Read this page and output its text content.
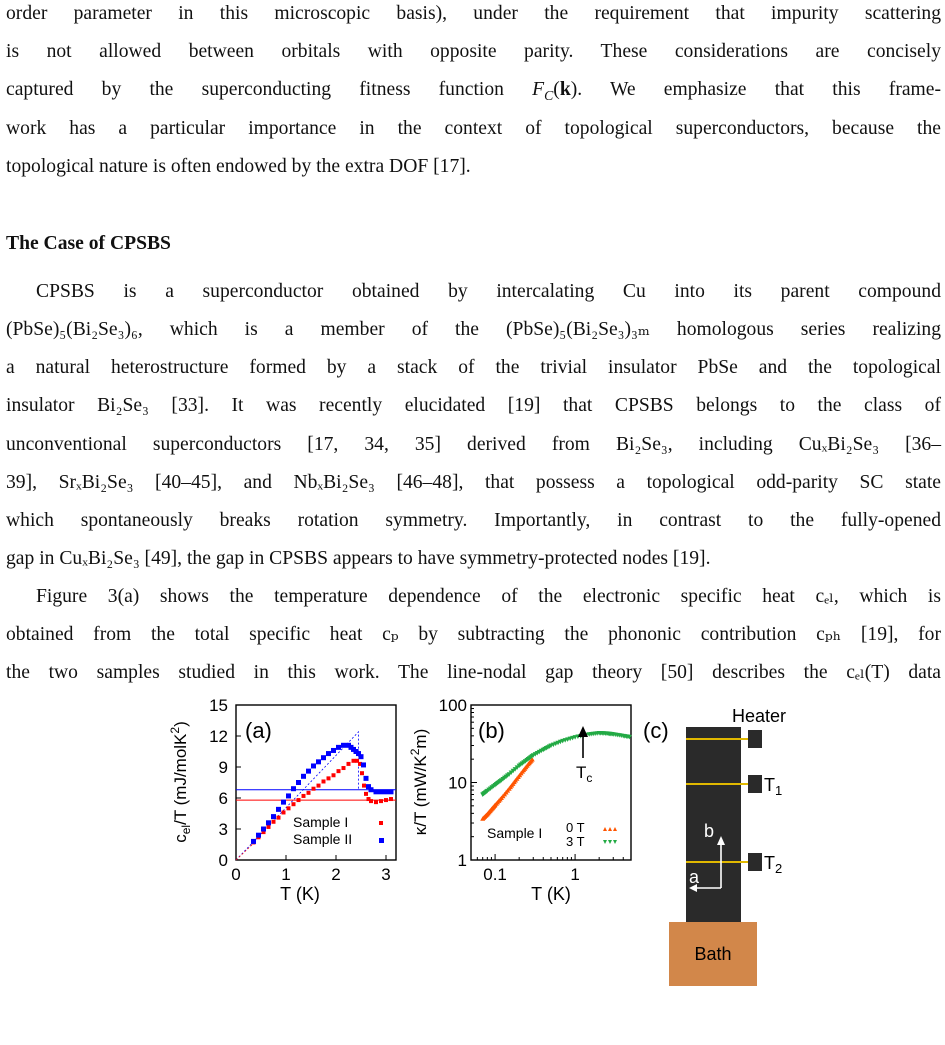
order parameter in this microscopic basis), under the requirement that impurity scattering
is not allowed between orbitals with opposite parity. These considerations are concisely
captured by the superconducting fitness function $F_C(k)$. We emphasize that this frame-
work has a particular importance in the context of topological superconductors, because the
topological nature is often endowed by the extra DOF [17].
The Case of CPSBS
CPSBS is a superconductor obtained by intercalating Cu into its parent compound
(PbSe)₅(Bi₂Se₃)₆, which is a member of the (PbSe)₅(Bi₂Se₃)₃ₘ homologous series realizing
a natural heterostructure formed by a stack of the trivial insulator PbSe and the topological
insulator Bi₂Se₃ [33]. It was recently elucidated [19] that CPSBS belongs to the class of
unconventional superconductors [17, 34, 35] derived from Bi₂Se₃, including CuₓBi₂Se₃ [36–
39], SrₓBi₂Se₃ [40–45], and NbₓBi₂Se₃ [46–48], that possess a topological odd-parity SC state
which spontaneously breaks rotation symmetry. Importantly, in contrast to the fully-opened
gap in CuₓBi₂Se₃ [49], the gap in CPSBS appears to have symmetry-protected nodes [19].
Figure 3(a) shows the temperature dependence of the electronic specific heat cₑₗ, which is
obtained from the total specific heat cₚ by subtracting the phononic contribution cₚₕ [19], for
the two samples studied in this work. The line-nodal gap theory [50] describes the cₑₗ(T) data
0 1 2 3
0
3
6
9
12
15
(a)
T (K)
$c_{el}/T$ (mJ/molK$^2$)
Sample I
Sample II
0.1	1
1
10
100
(b)
T (K)
κ/T $(mW/K^2m)$
$T_c$
Sample I 0 T
3 T
(c)
Heater
$T_1$
$T_2$
b
a
Bath
